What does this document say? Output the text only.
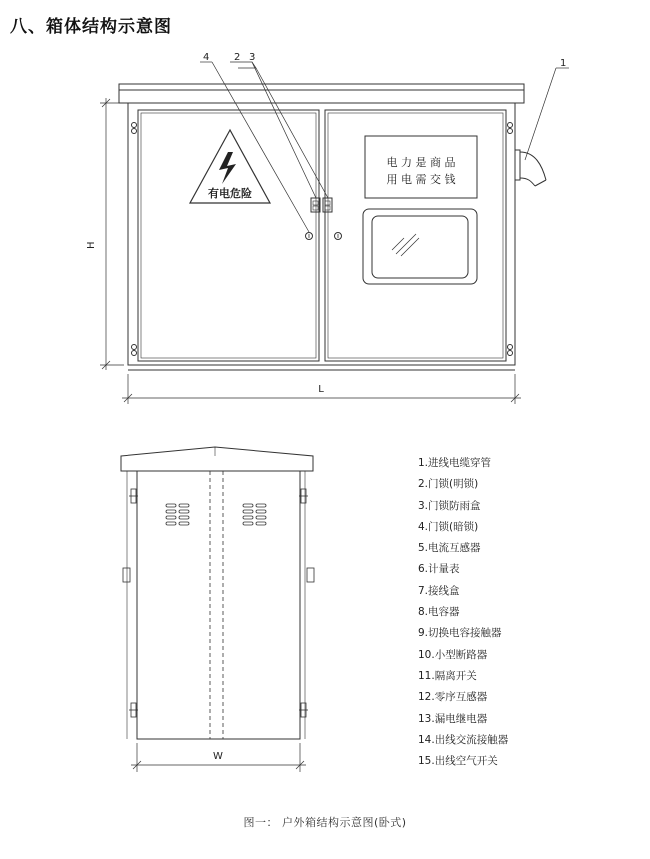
八、箱体结构示意图
有电危险
电 力 是 商 品
用 电 需 交 钱
4 2 3
1
H
L
W
1.进线电缆穿管
2.门锁(明锁)
3.门锁防雨盒
4.门锁(暗锁)
5.电流互感器
6.计量表
7.接线盒
8.电容器
9.切换电容接触器
10.小型断路器
11.隔离开关
12.零序互感器
13.漏电继电器
14.出线交流接触器
15.出线空气开关
图一： 户外箱结构示意图(卧式)
